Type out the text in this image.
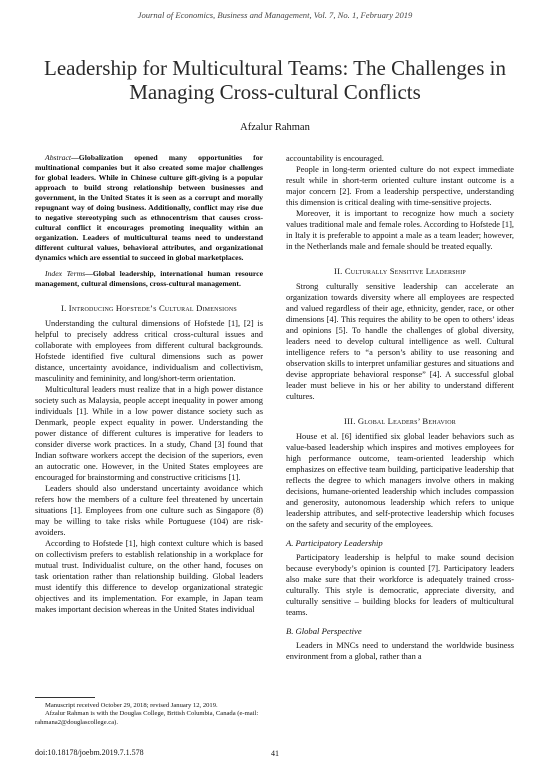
Journal of Economics, Business and Management, Vol. 7, No. 1, February 2019
Leadership for Multicultural Teams: The Challenges in Managing Cross-cultural Conflicts
Afzalur Rahman

Abstract—Globalization opened many opportunities for multinational companies but it also created some major challenges for global leaders. While in Chinese culture gift-giving is a popular approach to build strong relationship between businesses and government, in the United States it is seen as a corrupt and morally repugnant way of doing business. Additionally, conflict may rise due to negative stereotyping such as ethnocentrism that causes cross-cultural conflict it encourages promoting inequality within an organization. Leaders of multicultural teams need to understand different cultural values, behavioral attributes, and organizational dynamics which are essential to succeed in global marketplaces.

Index Terms—Global leadership, international human resource management, cultural dimensions, cross-cultural management.

I. Introducing Hofstede’s Cultural Dimensions

Understanding the cultural dimensions of Hofstede [1], [2] is helpful to precisely address critical cross-cultural issues and collaborate with employees from different cultural backgrounds. Hofstede identified five cultural dimensions such as power distance, uncertainty avoidance, individualism and collectivism, masculinity and femininity, and long/short-term orientation.

Multicultural leaders must realize that in a high power distance society such as Malaysia, people accept inequality in power among individuals [1]. While in a low power distance society such as Denmark, people expect equality in power. Understanding the power distance of different cultures is imperative for leaders to consider diverse work practices. In a study, Chand [3] found that Indian software workers accept the decision of the superiors, even an autocratic one. However, in the United States employees are encouraged for brainstorming and constructive criticisms [1].

Leaders should also understand uncertainty avoidance which refers how the members of a culture feel threatened by uncertain situations [1]. Employees from one culture such as Singapore (8) may be willing to take risks while Portuguese (104) are risk-avoiders.

According to Hofstede [1], high context culture which is based on collectivism prefers to establish relationship in a workplace for mutual trust. Individualist culture, on the other hand, focuses on task orientation rather than relationship building. Global leaders must identify this difference to develop organizational strategic objectives and its implementation. For example, in Japan team makes important decision whereas in the United States individual

accountability is encouraged.

People in long-term oriented culture do not expect immediate result while in short-term oriented culture instant outcome is a major concern [2]. From a leadership perspective, understanding this dimension is critical dealing with time-sensitive projects.

Moreover, it is important to recognize how much a society values traditional male and female roles. According to Hofstede [1], in Italy it is preferable to appoint a male as a team leader; however, in the Netherlands male and female should be treated equally.

II. Culturally Sensitive Leadership

Strong culturally sensitive leadership can accelerate an organization towards diversity where all employees are respected and valued regardless of their age, ethnicity, gender, race, or other dimensions [4]. This requires the ability to be open to others’ ideas and opinions [5]. To handle the challenges of global diversity, leaders need to develop cultural intelligence as well. Cultural intelligence refers to “a person’s ability to use reasoning and observation skills to interpret unfamiliar gestures and situations and devise appropriate behavioral response” [4]. A successful global leader must believe in his or her ability to understand different cultures.

III. Global Leaders’ Behavior

House et al. [6] identified six global leader behaviors such as value-based leadership which inspires and motives employees for high performance outcome, team-oriented leadership which emphasizes on effective team building, participative leadership that reflects the degree to which managers involve others in making decisions, humane-oriented leadership which includes compassion and generosity, autonomous leadership which refers to unique leadership attributes, and self-protective leadership which focuses on the safety and security of the employees.

A. Participatory Leadership

Participatory leadership is helpful to make sound decision because everybody’s opinion is counted [7]. Participatory leaders also make sure that their workforce is adequately trained cross-culturally. This style is democratic, appreciate diversity, and culturally sensitive – building blocks for leaders of multicultural teams.

B. Global Perspective

Leaders in MNCs need to understand the worldwide business environment from a global, rather than a

Manuscript received October 29, 2018; revised January 12, 2019.
Afzalur Rahman is with the Douglas College, British Columbia, Canada (e-mail: rahmana2@douglascollege.ca).
doi:10.18178/joebm.2019.7.1.578	41
